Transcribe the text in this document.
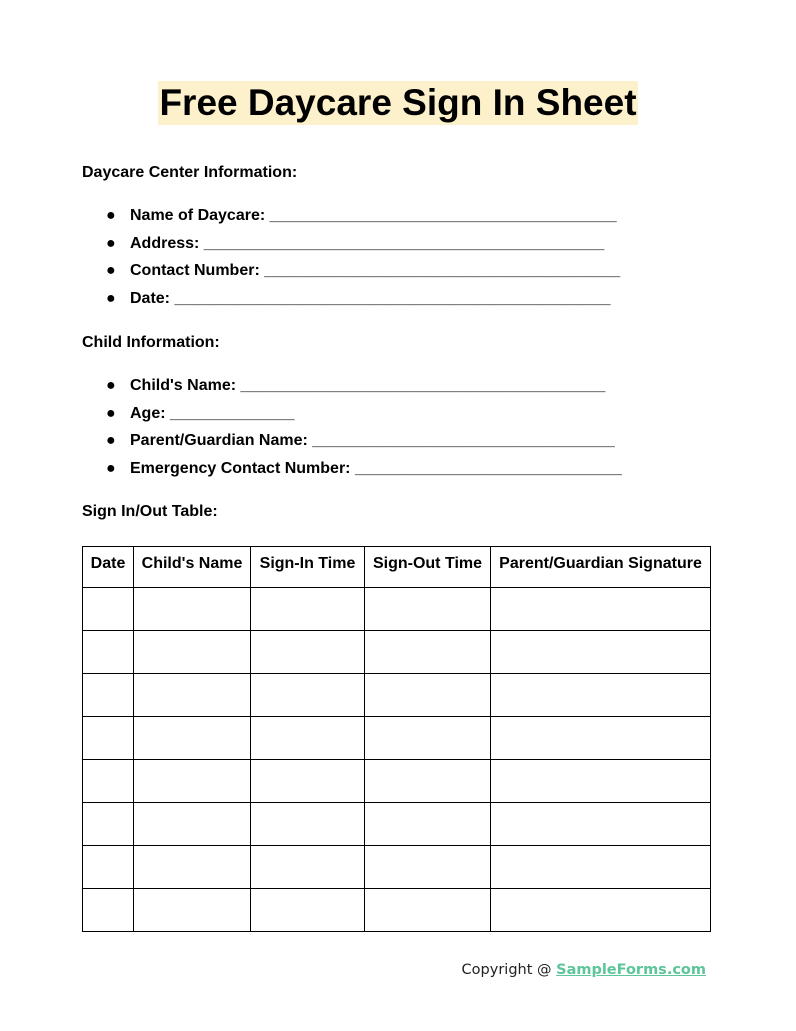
Free Daycare Sign In Sheet
Daycare Center Information:
● Name of Daycare: _______________________________________
● Address: _____________________________________________
● Contact Number: ________________________________________
● Date: _________________________________________________
Child Information:
● Child's Name: _________________________________________
● Age: ______________
● Parent/Guardian Name: __________________________________
● Emergency Contact Number: ______________________________
Sign In/Out Table:
Date	Child's Name	Sign-In Time	Sign-Out Time	Parent/Guardian Signature

Copyright @ SampleForms.com
